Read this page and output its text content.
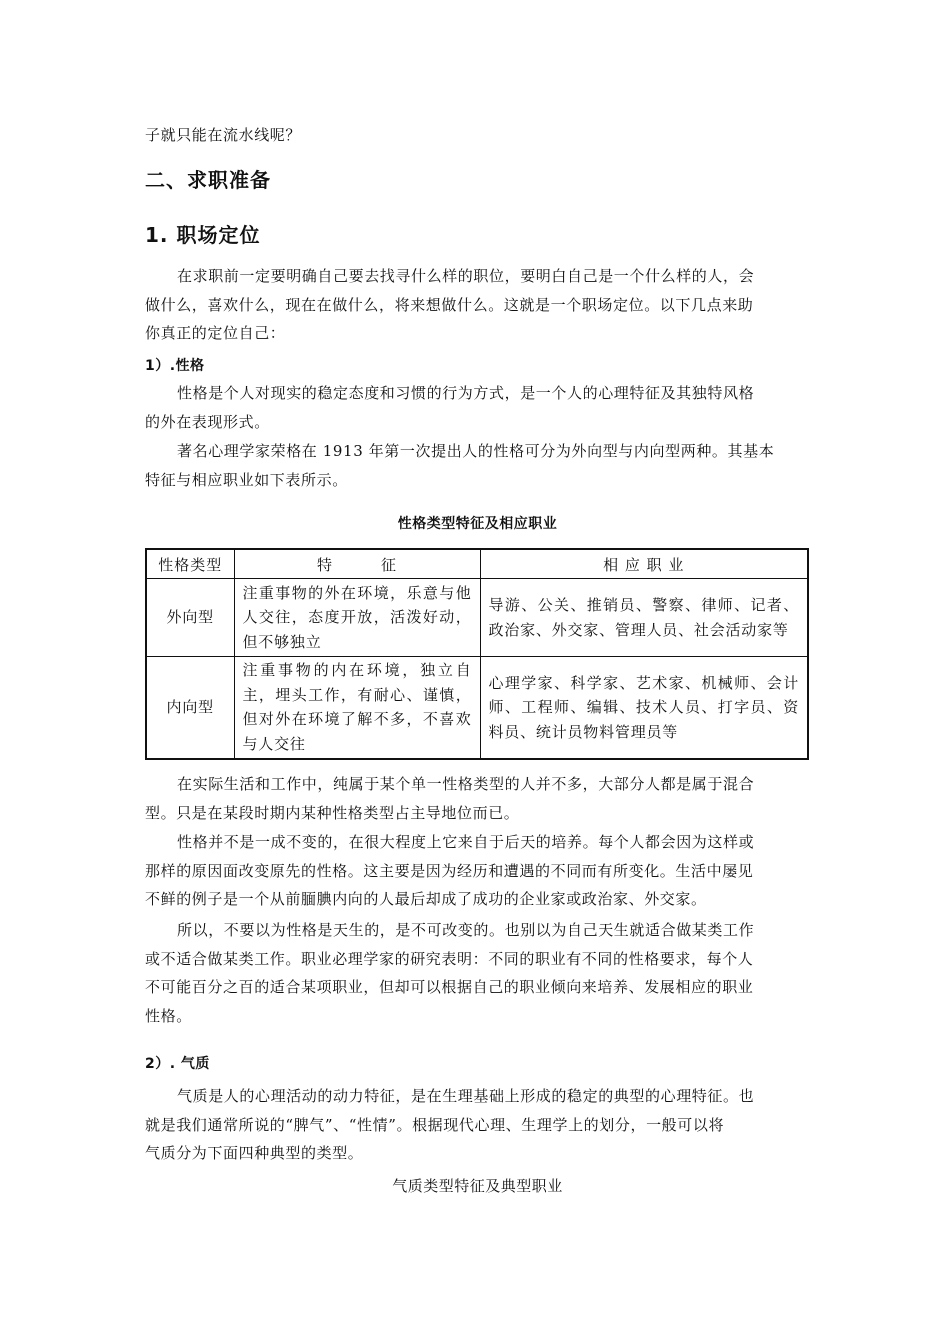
子就只能在流水线呢？

二、求职准备
1. 职场定位

在求职前一定要明确自己要去找寻什么样的职位，要明白自己是一个什么样的人，会

做什么，喜欢什么，现在在做什么，将来想做什么。这就是一个职场定位。以下几点来助

你真正的定位自己：

1）.性格

性格是个人对现实的稳定态度和习惯的行为方式，是一个人的心理特征及其独特风格

的外在表现形式。

著名心理学家荣格在 1913 年第一次提出人的性格可分为外向型与内向型两种。其基本

特征与相应职业如下表所示。

性格类型特征及相应职业
性格类型	特　　　征	相 应 职 业
外向型	注重事物的外在环境，乐意与他人交往，态度开放，活泼好动，但不够独立	导游、公关、推销员、警察、律师、记者、政治家、外交家、管理人员、社会活动家等
内向型	注重事物的内在环境，独立自主，埋头工作，有耐心、谨慎，但对外在环境了解不多，不喜欢与人交往	心理学家、科学家、艺术家、机械师、会计师、工程师、编辑、技术人员、打字员、资料员、统计员物料管理员等

在实际生活和工作中，纯属于某个单一性格类型的人并不多，大部分人都是属于混合

型。只是在某段时期内某种性格类型占主导地位而已。

性格并不是一成不变的，在很大程度上它来自于后天的培养。每个人都会因为这样或

那样的原因面改变原先的性格。这主要是因为经历和遭遇的不同而有所变化。生活中屡见

不鲜的例子是一个从前腼腆内向的人最后却成了成功的企业家或政治家、外交家。

所以，不要以为性格是天生的，是不可改变的。也别以为自己天生就适合做某类工作

或不适合做某类工作。职业必理学家的研究表明：不同的职业有不同的性格要求，每个人

不可能百分之百的适合某项职业，但却可以根据自己的职业倾向来培养、发展相应的职业

性格。

2）. 气质

气质是人的心理活动的动力特征，是在生理基础上形成的稳定的典型的心理特征。也

就是我们通常所说的“脾气”、“性情”。根据现代心理、生理学上的划分，一般可以将

气质分为下面四种典型的类型。

气质类型特征及典型职业
